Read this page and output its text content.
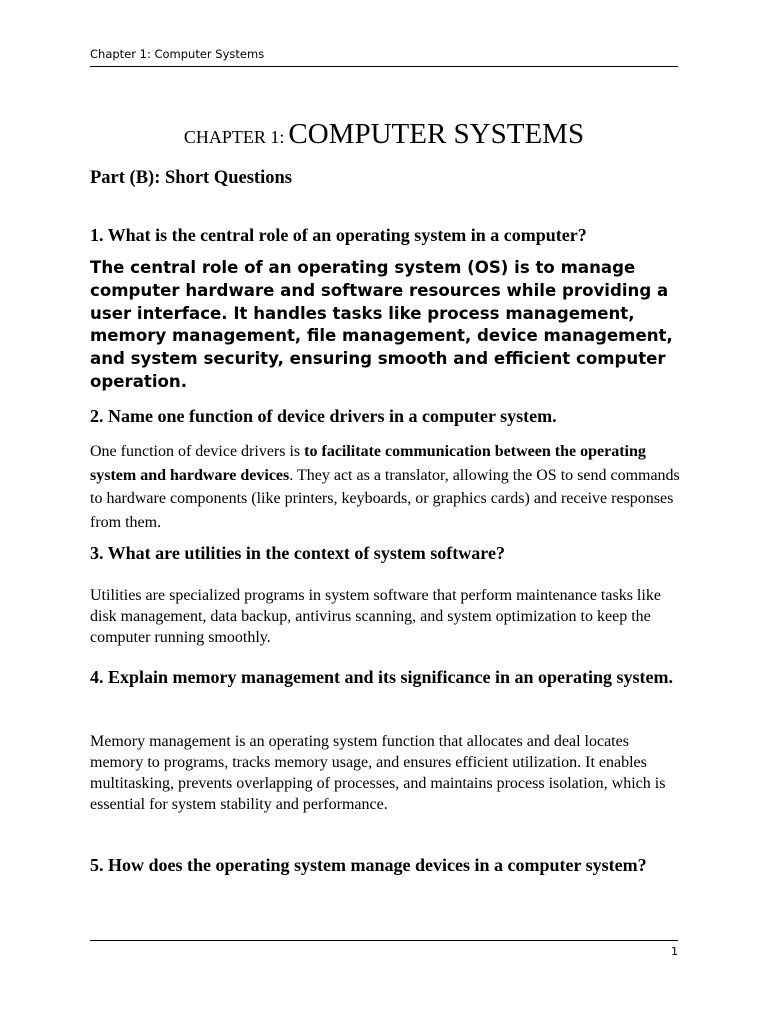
Chapter 1: Computer Systems
CHAPTER 1: COMPUTER SYSTEMS
Part (B): Short Questions
1. What is the central role of an operating system in a computer?
The central role of an operating system (OS) is to manage computer hardware and software resources while providing a user interface. It handles tasks like process management, memory management, file management, device management, and system security, ensuring smooth and efficient computer operation.
2. Name one function of device drivers in a computer system.
One function of device drivers is to facilitate communication between the operating system and hardware devices. They act as a translator, allowing the OS to send commands to hardware components (like printers, keyboards, or graphics cards) and receive responses from them.
3. What are utilities in the context of system software?
Utilities are specialized programs in system software that perform maintenance tasks like disk management, data backup, antivirus scanning, and system optimization to keep the computer running smoothly.
4. Explain memory management and its significance in an operating system.
Memory management is an operating system function that allocates and deal locates memory to programs, tracks memory usage, and ensures efficient utilization. It enables multitasking, prevents overlapping of processes, and maintains process isolation, which is essential for system stability and performance.
5. How does the operating system manage devices in a computer system?
1
